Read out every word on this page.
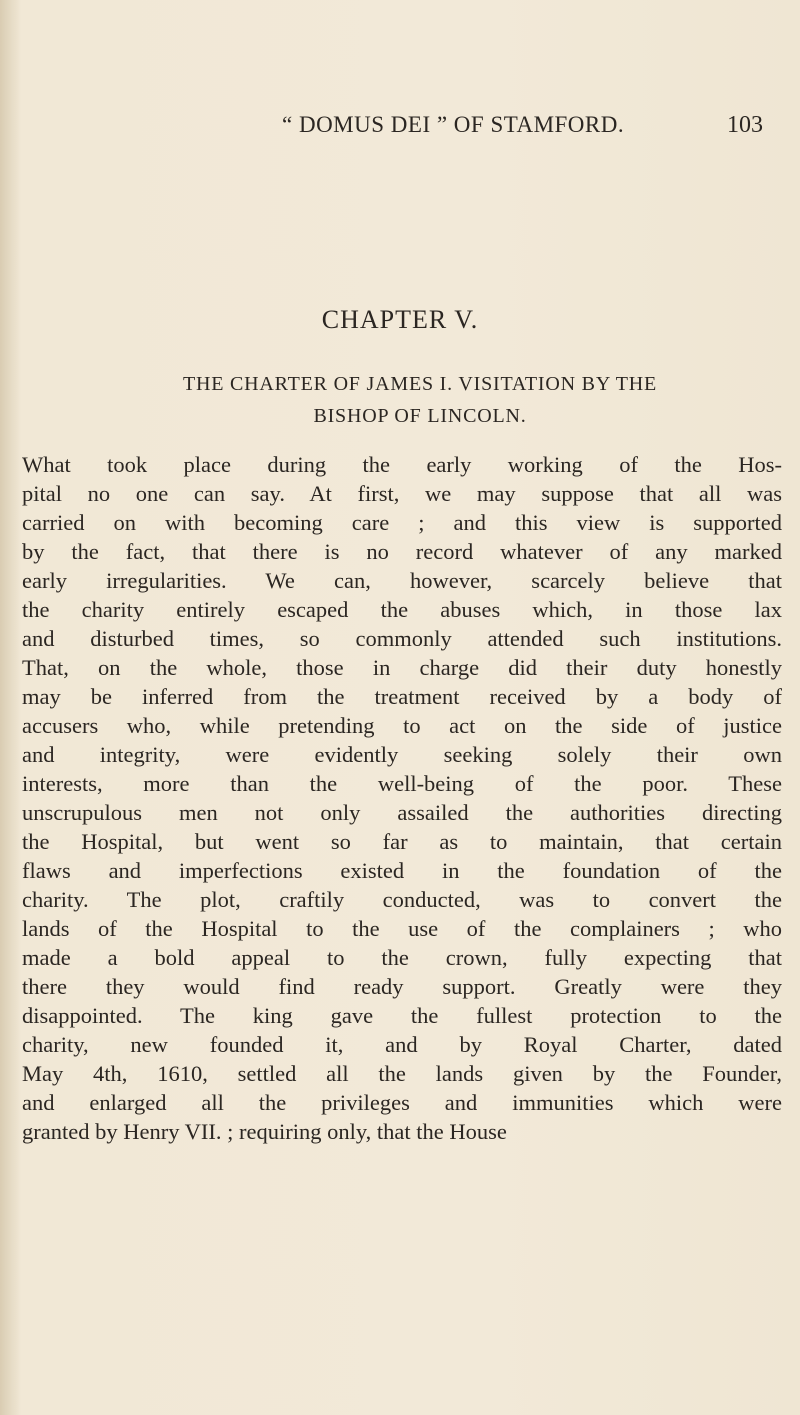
“ DOMUS DEI ” OF STAMFORD.	103
CHAPTER V.
THE CHARTER OF JAMES I. VISITATION BY THE
BISHOP OF LINCOLN.
What took place during the early working of the Hos-
pital no one can say. At first, we may suppose that all was
carried on with becoming care ; and this view is supported
by the fact, that there is no record whatever of any marked
early irregularities. We can, however, scarcely believe that
the charity entirely escaped the abuses which, in those lax
and disturbed times, so commonly attended such institutions.
That, on the whole, those in charge did their duty honestly
may be inferred from the treatment received by a body of
accusers who, while pretending to act on the side of justice
and integrity, were evidently seeking solely their own
interests, more than the well-being of the poor. These
unscrupulous men not only assailed the authorities directing
the Hospital, but went so far as to maintain, that certain
flaws and imperfections existed in the foundation of the
charity. The plot, craftily conducted, was to convert the
lands of the Hospital to the use of the complainers ; who
made a bold appeal to the crown, fully expecting that
there they would find ready support. Greatly were they
disappointed. The king gave the fullest protection to the
charity, new founded it, and by Royal Charter, dated
May 4th, 1610, settled all the lands given by the Founder,
and enlarged all the privileges and immunities which were
granted by Henry VII. ; requiring only, that the House
